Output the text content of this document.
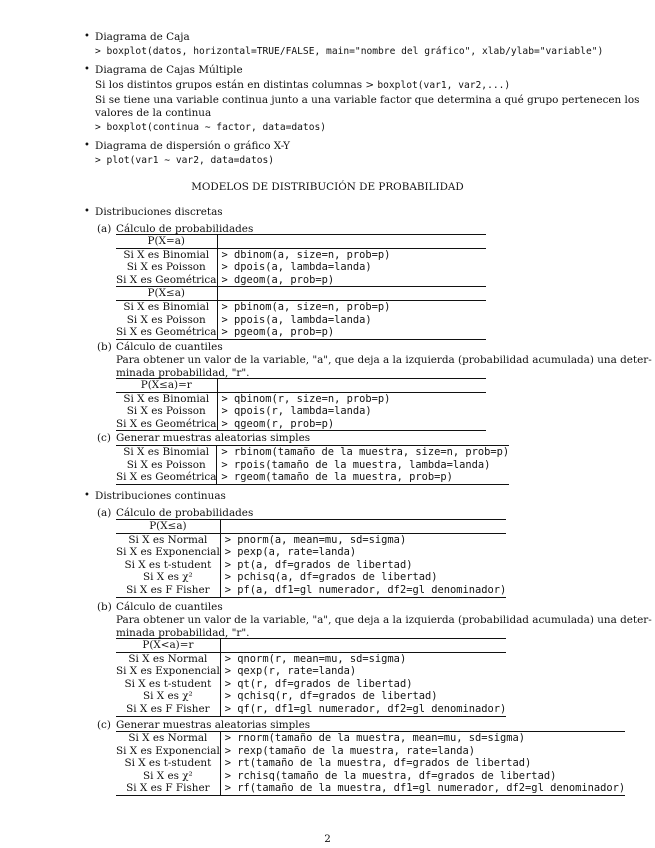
• Diagrama de Caja
> boxplot(datos, horizontal=TRUE/FALSE, main="nombre del gráfico", xlab/ylab="variable")
• Diagrama de Cajas Múltiple
Si los distintos grupos están en distintas columnas > boxplot(var1, var2,...)
Si se tiene una variable continua junto a una variable factor que determina a qué grupo pertenecen los
valores de la continua
> boxplot(continua ∼ factor, data=datos)
• Diagrama de dispersión o gráfico X-Y
> plot(var1 ∼ var2, data=datos)
MODELOS DE DISTRIBUCIÓN DE PROBABILIDAD
• Distribuciones discretas
(a) Cálculo de probabilidades
P(X=a)	
Si X es Binomial	> dbinom(a, size=n, prob=p)
Si X es Poisson	> dpois(a, lambda=landa)
Si X es Geométrica	> dgeom(a, prob=p)
P(X≤a)	
Si X es Binomial	> pbinom(a, size=n, prob=p)
Si X es Poisson	> ppois(a, lambda=landa)
Si X es Geométrica	> pgeom(a, prob=p)
(b) Cálculo de cuantiles
Para obtener un valor de la variable, "a", que deja a la izquierda (probabilidad acumulada) una deter-
minada probabilidad, "r".
P(X≤a)=r	
Si X es Binomial	> qbinom(r, size=n, prob=p)
Si X es Poisson	> qpois(r, lambda=landa)
Si X es Geométrica	> qgeom(r, prob=p)
(c) Generar muestras aleatorias simples
Si X es Binomial	> rbinom(tamaño de la muestra, size=n, prob=p)
Si X es Poisson	> rpois(tamaño de la muestra, lambda=landa)
Si X es Geométrica	> rgeom(tamaño de la muestra, prob=p)
• Distribuciones continuas
(a) Cálculo de probabilidades
P(X≤a)	
Si X es Normal	> pnorm(a, mean=mu, sd=sigma)
Si X es Exponencial	> pexp(a, rate=landa)
Si X es t-student	> pt(a, df=grados de libertad)
Si X es χ²	> pchisq(a, df=grados de libertad)
Si X es F Fisher	> pf(a, df1=gl numerador, df2=gl denominador)
(b) Cálculo de cuantiles
Para obtener un valor de la variable, "a", que deja a la izquierda (probabilidad acumulada) una deter-
minada probabilidad, "r".
P(X<a)=r	
Si X es Normal	> qnorm(r, mean=mu, sd=sigma)
Si X es Exponencial	> qexp(r, rate=landa)
Si X es t-student	> qt(r, df=grados de libertad)
Si X es χ²	> qchisq(r, df=grados de libertad)
Si X es F Fisher	> qf(r, df1=gl numerador, df2=gl denominador)
(c) Generar muestras aleatorias simples
Si X es Normal	> rnorm(tamaño de la muestra, mean=mu, sd=sigma)
Si X es Exponencial	> rexp(tamaño de la muestra, rate=landa)
Si X es t-student	> rt(tamaño de la muestra, df=grados de libertad)
Si X es χ²	> rchisq(tamaño de la muestra, df=grados de libertad)
Si X es F Fisher	> rf(tamaño de la muestra, df1=gl numerador, df2=gl denominador)
2
